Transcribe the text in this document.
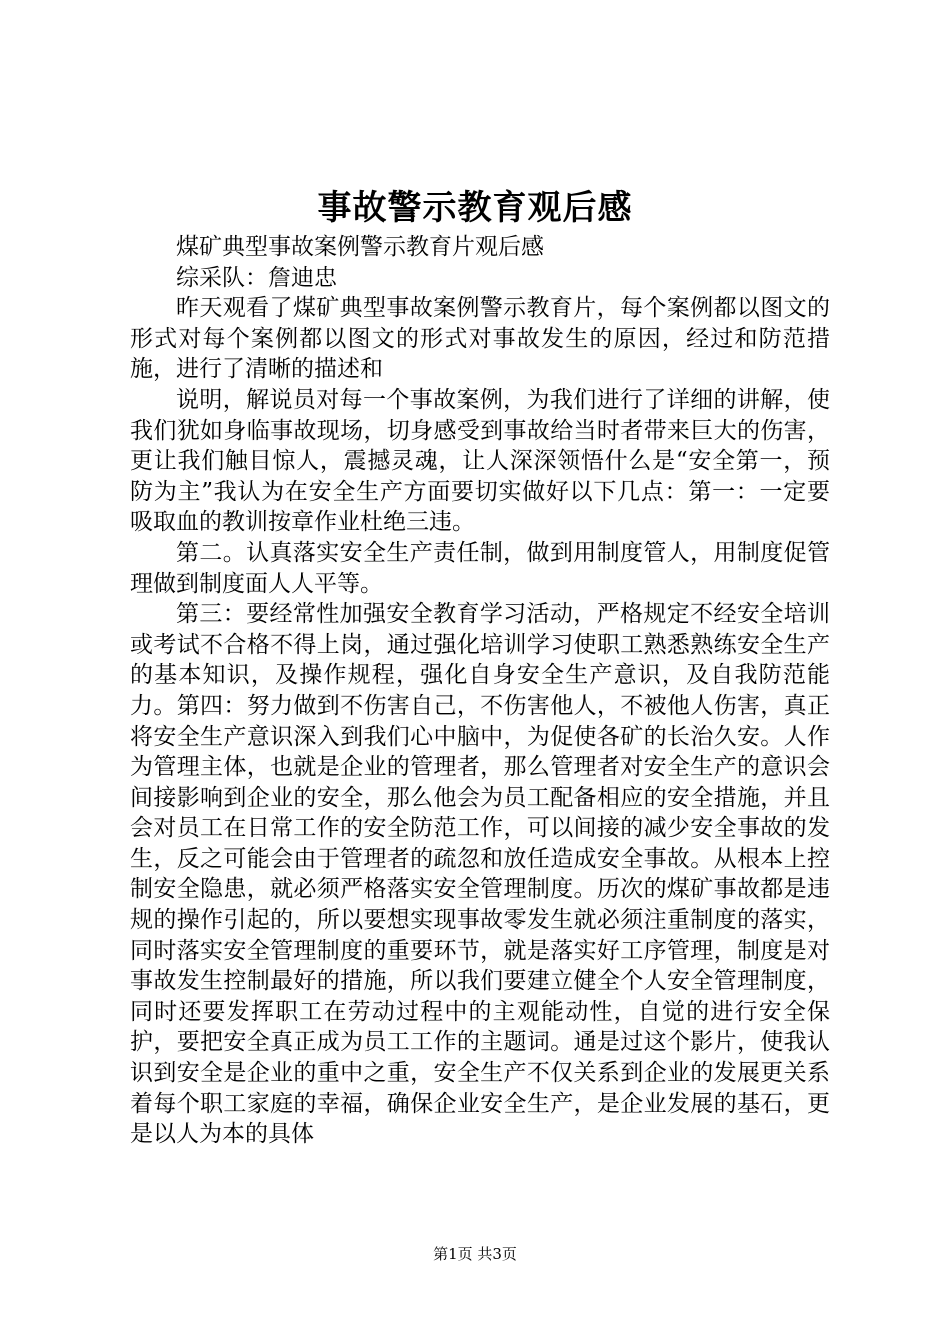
事故警示教育观后感

煤矿典型事故案例警示教育片观后感

综采队：詹迪忠

昨天观看了煤矿典型事故案例警示教育片，每个案例都以图文的形式对每个案例都以图文的形式对事故发生的原因，经过和防范措施，进行了清晰的描述和

说明，解说员对每一个事故案例，为我们进行了详细的讲解，使我们犹如身临事故现场，切身感受到事故给当时者带来巨大的伤害，更让我们触目惊人，震撼灵魂，让人深深领悟什么是“安全第一，预防为主”我认为在安全生产方面要切实做好以下几点：第一：一定要吸取血的教训按章作业杜绝三违。

第二。认真落实安全生产责任制，做到用制度管人，用制度促管理做到制度面人人平等。

第三：要经常性加强安全教育学习活动，严格规定不经安全培训或考试不合格不得上岗，通过强化培训学习使职工熟悉熟练安全生产的基本知识，及操作规程，强化自身安全生产意识，及自我防范能力。第四：努力做到不伤害自己，不伤害他人，不被他人伤害，真正将安全生产意识深入到我们心中脑中，为促使各矿的长治久安。人作为管理主体，也就是企业的管理者，那么管理者对安全生产的意识会间接影响到企业的安全，那么他会为员工配备相应的安全措施，并且会对员工在日常工作的安全防范工作，可以间接的减少安全事故的发生，反之可能会由于管理者的疏忽和放任造成安全事故。从根本上控制安全隐患，就必须严格落实安全管理制度。历次的煤矿事故都是违规的操作引起的，所以要想实现事故零发生就必须注重制度的落实，同时落实安全管理制度的重要环节，就是落实好工序管理，制度是对事故发生控制最好的措施，所以我们要建立健全个人安全管理制度，同时还要发挥职工在劳动过程中的主观能动性，自觉的进行安全保护，要把安全真正成为员工工作的主题词。通是过这个影片，使我认识到安全是企业的重中之重，安全生产不仅关系到企业的发展更关系着每个职工家庭的幸福，确保企业安全生产，是企业发展的基石，更是以人为本的具体

第1页 共3页
